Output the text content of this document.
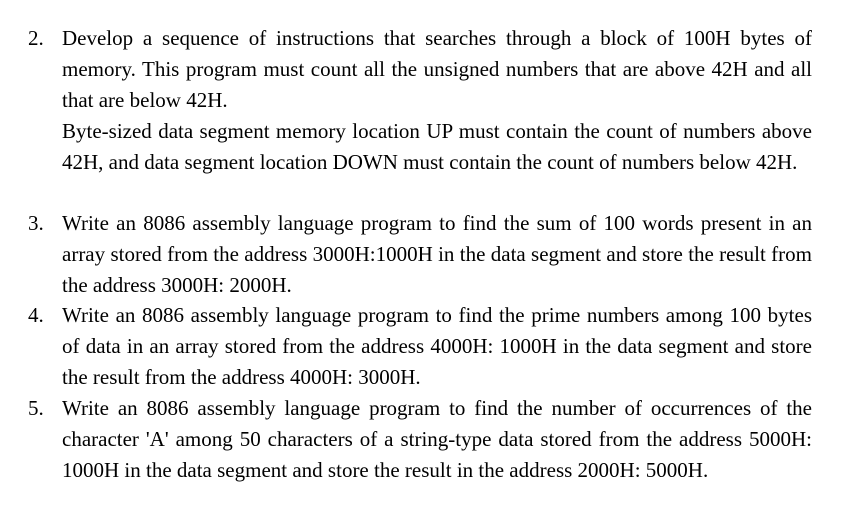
2. Develop a sequence of instructions that searches through a block of 100H bytes of memory. This program must count all the unsigned numbers that are above 42H and all that are below 42H.

Byte-sized data segment memory location UP must contain the count of numbers above 42H, and data segment location DOWN must contain the count of numbers below 42H.

3. Write an 8086 assembly language program to find the sum of 100 words present in an array stored from the address 3000H:1000H in the data segment and store the result from the address 3000H: 2000H.

4. Write an 8086 assembly language program to find the prime numbers among 100 bytes of data in an array stored from the address 4000H: 1000H in the data segment and store the result from the address 4000H: 3000H.

5. Write an 8086 assembly language program to find the number of occurrences of the character 'A' among 50 characters of a string-type data stored from the address 5000H: 1000H in the data segment and store the result in the address 2000H: 5000H.
